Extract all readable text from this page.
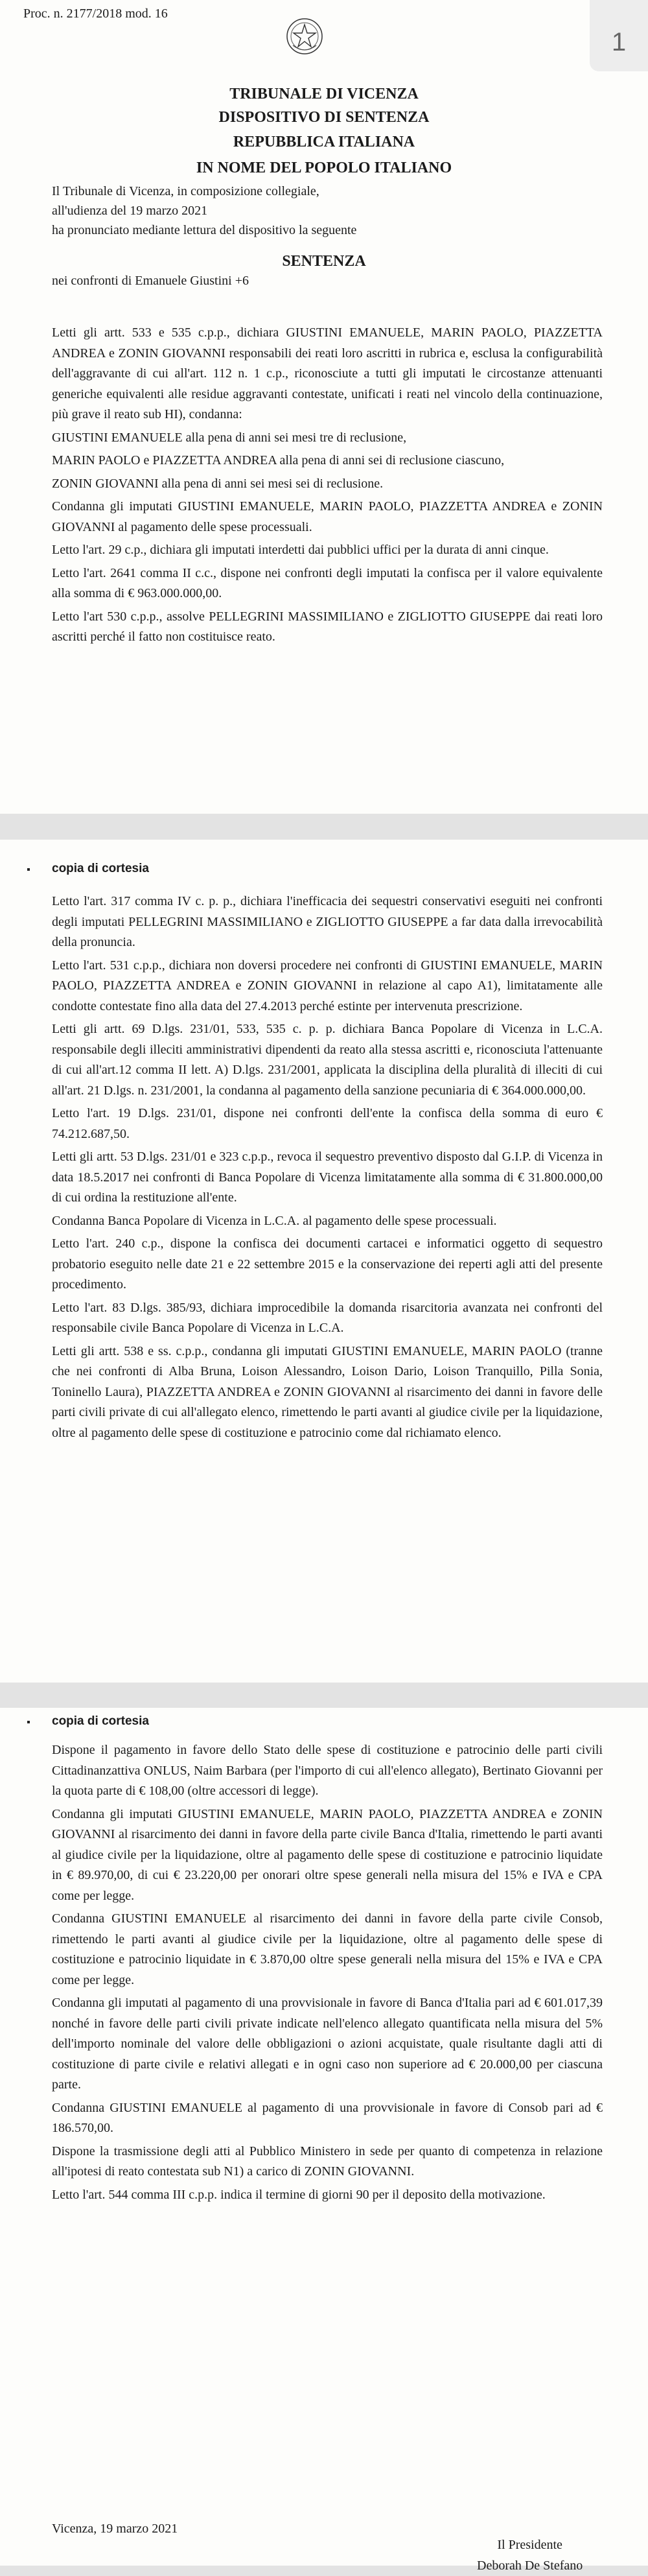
Proc. n. 2177/2018 mod. 16
1
TRIBUNALE DI VICENZA
DISPOSITIVO DI SENTENZA
REPUBBLICA ITALIANA
IN NOME DEL POPOLO ITALIANO
Il Tribunale di Vicenza, in composizione collegiale,
all'udienza del 19 marzo 2021
ha pronunciato mediante lettura del dispositivo la seguente
SENTENZA
nei confronti di Emanuele Giustini +6

Letti gli artt. 533 e 535 c.p.p., dichiara GIUSTINI EMANUELE, MARIN PAOLO, PIAZZETTA ANDREA e ZONIN GIOVANNI responsabili dei reati loro ascritti in rubrica e, esclusa la configurabilità dell'aggravante di cui all'art. 112 n. 1 c.p., riconosciute a tutti gli imputati le circostanze attenuanti generiche equivalenti alle residue aggravanti contestate, unificati i reati nel vincolo della continuazione, più grave il reato sub HI), condanna:

GIUSTINI EMANUELE alla pena di anni sei mesi tre di reclusione,

MARIN PAOLO e PIAZZETTA ANDREA alla pena di anni sei di reclusione ciascuno,

ZONIN GIOVANNI alla pena di anni sei mesi sei di reclusione.

Condanna gli imputati GIUSTINI EMANUELE, MARIN PAOLO, PIAZZETTA ANDREA e ZONIN GIOVANNI al pagamento delle spese processuali.

Letto l'art. 29 c.p., dichiara gli imputati interdetti dai pubblici uffici per la durata di anni cinque.

Letto l'art. 2641 comma II c.c., dispone nei confronti degli imputati la confisca per il valore equivalente alla somma di € 963.000.000,00.

Letto l'art 530 c.p.p., assolve PELLEGRINI MASSIMILIANO e ZIGLIOTTO GIUSEPPE dai reati loro ascritti perché il fatto non costituisce reato.

copia di cortesia

Letto l'art. 317 comma IV c. p. p., dichiara l'inefficacia dei sequestri conservativi eseguiti nei confronti degli imputati PELLEGRINI MASSIMILIANO e ZIGLIOTTO GIUSEPPE a far data dalla irrevocabilità della pronuncia.

Letto l'art. 531 c.p.p., dichiara non doversi procedere nei confronti di GIUSTINI EMANUELE, MARIN PAOLO, PIAZZETTA ANDREA e ZONIN GIOVANNI in relazione al capo A1), limitatamente alle condotte contestate fino alla data del 27.4.2013 perché estinte per intervenuta prescrizione.

Letti gli artt. 69 D.lgs. 231/01, 533, 535 c. p. p. dichiara Banca Popolare di Vicenza in L.C.A. responsabile degli illeciti amministrativi dipendenti da reato alla stessa ascritti e, riconosciuta l'attenuante di cui all'art.12 comma II lett. A) D.lgs. 231/2001, applicata la disciplina della pluralità di illeciti di cui all'art. 21 D.lgs. n. 231/2001, la condanna al pagamento della sanzione pecuniaria di € 364.000.000,00.

Letto l'art. 19 D.lgs. 231/01, dispone nei confronti dell'ente la confisca della somma di euro € 74.212.687,50.

Letti gli artt. 53 D.lgs. 231/01 e 323 c.p.p., revoca il sequestro preventivo disposto dal G.I.P. di Vicenza in data 18.5.2017 nei confronti di Banca Popolare di Vicenza limitatamente alla somma di € 31.800.000,00 di cui ordina la restituzione all'ente.

Condanna Banca Popolare di Vicenza in L.C.A. al pagamento delle spese processuali.

Letto l'art. 240 c.p., dispone la confisca dei documenti cartacei e informatici oggetto di sequestro probatorio eseguito nelle date 21 e 22 settembre 2015 e la conservazione dei reperti agli atti del presente procedimento.

Letto l'art. 83 D.lgs. 385/93, dichiara improcedibile la domanda risarcitoria avanzata nei confronti del responsabile civile Banca Popolare di Vicenza in L.C.A.

Letti gli artt. 538 e ss. c.p.p., condanna gli imputati GIUSTINI EMANUELE, MARIN PAOLO (tranne che nei confronti di Alba Bruna, Loison Alessandro, Loison Dario, Loison Tranquillo, Pilla Sonia, Toninello Laura), PIAZZETTA ANDREA e ZONIN GIOVANNI al risarcimento dei danni in favore delle parti civili private di cui all'allegato elenco, rimettendo le parti avanti al giudice civile per la liquidazione, oltre al pagamento delle spese di costituzione e patrocinio come dal richiamato elenco.

copia di cortesia

Dispone il pagamento in favore dello Stato delle spese di costituzione e patrocinio delle parti civili Cittadinanzattiva ONLUS, Naim Barbara (per l'importo di cui all'elenco allegato), Bertinato Giovanni per la quota parte di € 108,00 (oltre accessori di legge).

Condanna gli imputati GIUSTINI EMANUELE, MARIN PAOLO, PIAZZETTA ANDREA e ZONIN GIOVANNI al risarcimento dei danni in favore della parte civile Banca d'Italia, rimettendo le parti avanti al giudice civile per la liquidazione, oltre al pagamento delle spese di costituzione e patrocinio liquidate in € 89.970,00, di cui € 23.220,00 per onorari oltre spese generali nella misura del 15% e IVA e CPA come per legge.

Condanna GIUSTINI EMANUELE al risarcimento dei danni in favore della parte civile Consob, rimettendo le parti avanti al giudice civile per la liquidazione, oltre al pagamento delle spese di costituzione e patrocinio liquidate in € 3.870,00 oltre spese generali nella misura del 15% e IVA e CPA come per legge.

Condanna gli imputati al pagamento di una provvisionale in favore di Banca d'Italia pari ad € 601.017,39 nonché in favore delle parti civili private indicate nell'elenco allegato quantificata nella misura del 5% dell'importo nominale del valore delle obbligazioni o azioni acquistate, quale risultante dagli atti di costituzione di parte civile e relativi allegati e in ogni caso non superiore ad € 20.000,00 per ciascuna parte.

Condanna GIUSTINI EMANUELE al pagamento di una provvisionale in favore di Consob pari ad € 186.570,00.

Dispone la trasmissione degli atti al Pubblico Ministero in sede per quanto di competenza in relazione all'ipotesi di reato contestata sub N1) a carico di ZONIN GIOVANNI.

Letto l'art. 544 comma III c.p.p. indica il termine di giorni 90 per il deposito della motivazione.

Vicenza, 19 marzo 2021
Il Presidente
Deborah De Stefano
